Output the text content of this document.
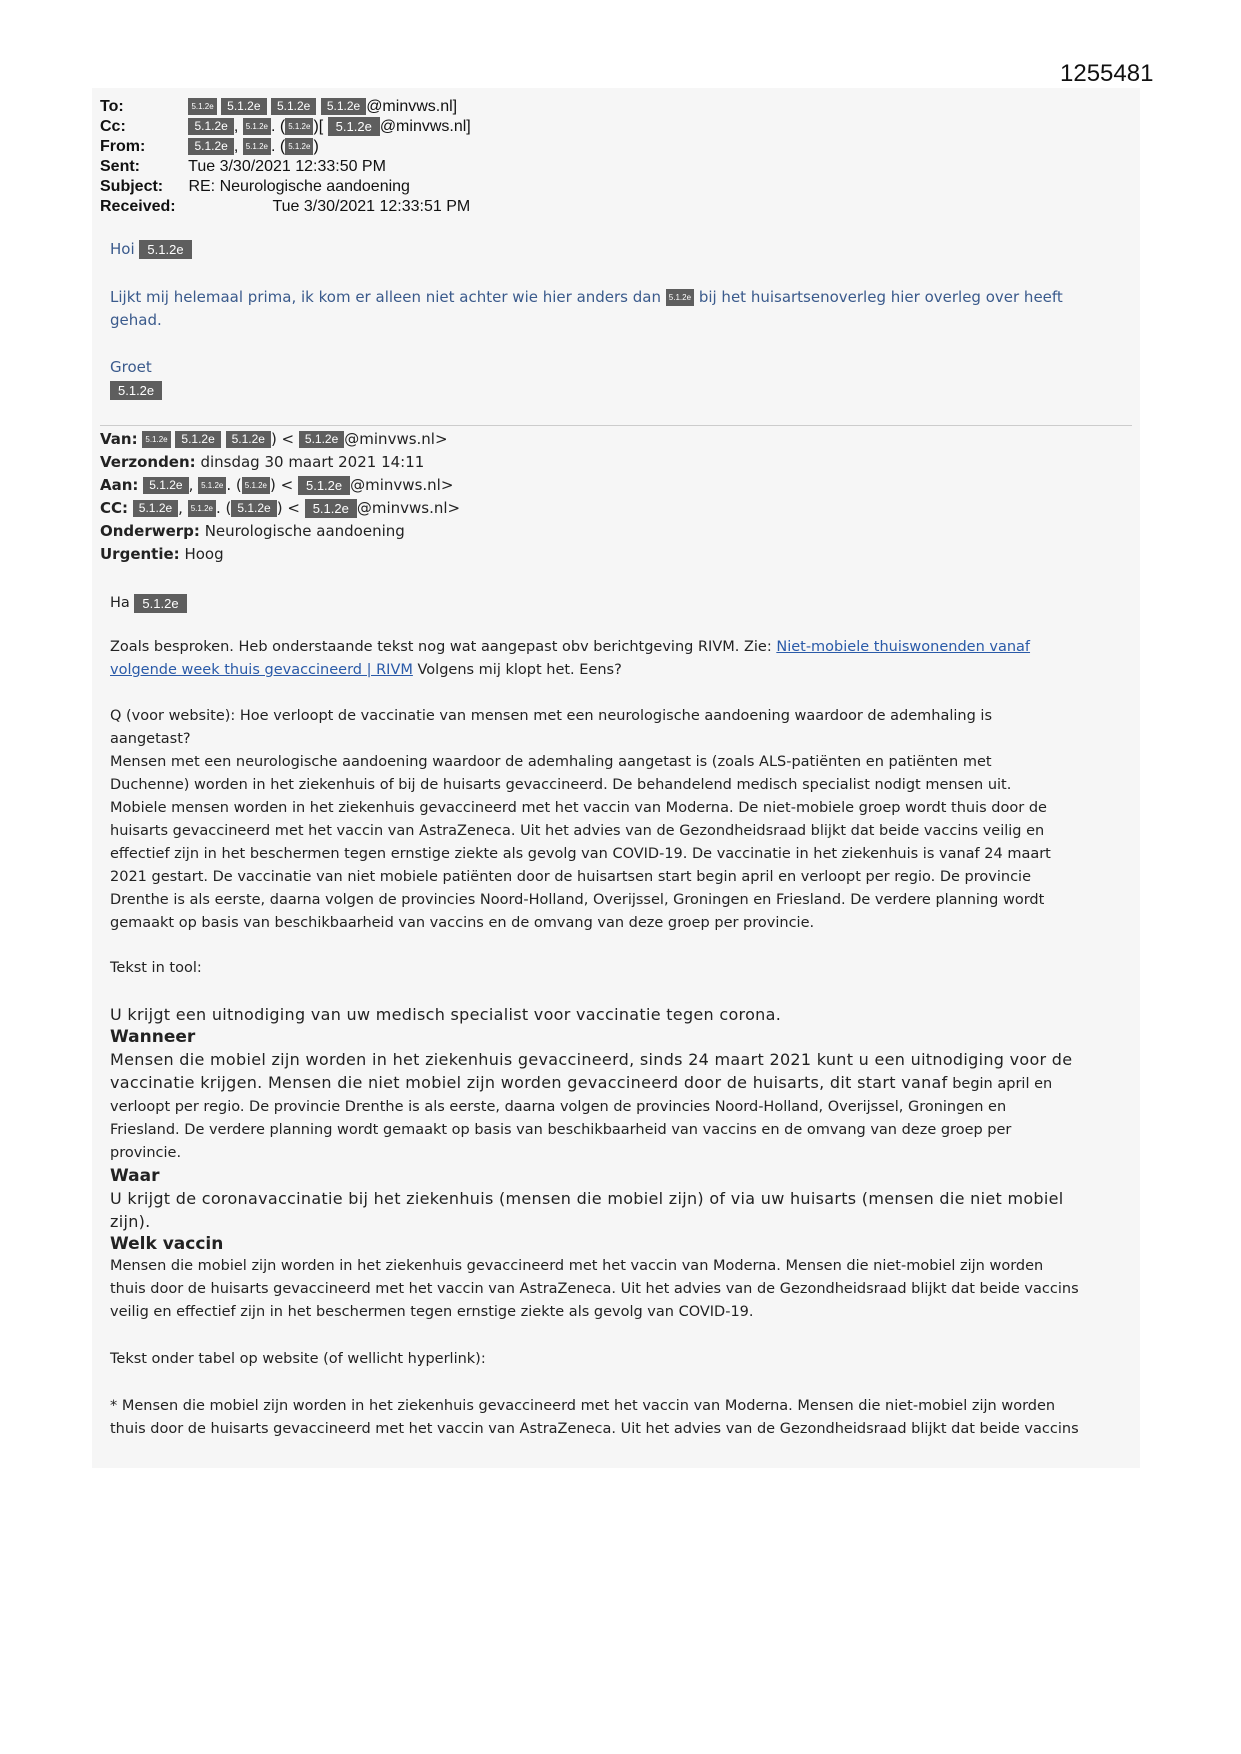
1255481
To:	5.1.2e 5.1.2e 5.1.2e 5.1.2e @minvws.nl]
Cc:	5.1.2e , 5.1.2e . ( 5.1.2e )[ 5.1.2e @minvws.nl]
From:	5.1.2e , 5.1.2e . ( 5.1.2e )
Sent:	Tue 3/30/2021 12:33:50 PM
Subject: RE: Neurologische aandoening
Received:	Tue 3/30/2021 12:33:51 PM
Hoi 5.1.2e
Lijkt mij helemaal prima, ik kom er alleen niet achter wie hier anders dan 5.1.2e bij het huisartsenoverleg hier overleg over heeft
gehad.
Groet
5.1.2e
Van: 5.1.2e 5.1.2e 5.1.2e ) < 5.1.2e @minvws.nl>
Verzonden: dinsdag 30 maart 2021 14:11
Aan: 5.1.2e , 5.1.2e . ( 5.1.2e ) < 5.1.2e @minvws.nl>
CC: 5.1.2e , 5.1.2e . ( 5.1.2e ) < 5.1.2e @minvws.nl>
Onderwerp: Neurologische aandoening
Urgentie: Hoog
Ha 5.1.2e
Zoals besproken. Heb onderstaande tekst nog wat aangepast obv berichtgeving RIVM. Zie: Niet-mobiele thuiswonenden vanaf
volgende week thuis gevaccineerd | RIVM Volgens mij klopt het. Eens?
Q (voor website): Hoe verloopt de vaccinatie van mensen met een neurologische aandoening waardoor de ademhaling is
aangetast?
Mensen met een neurologische aandoening waardoor de ademhaling aangetast is (zoals ALS-patiënten en patiënten met
Duchenne) worden in het ziekenhuis of bij de huisarts gevaccineerd. De behandelend medisch specialist nodigt mensen uit.
Mobiele mensen worden in het ziekenhuis gevaccineerd met het vaccin van Moderna. De niet-mobiele groep wordt thuis door de
huisarts gevaccineerd met het vaccin van AstraZeneca. Uit het advies van de Gezondheidsraad blijkt dat beide vaccins veilig en
effectief zijn in het beschermen tegen ernstige ziekte als gevolg van COVID-19. De vaccinatie in het ziekenhuis is vanaf 24 maart
2021 gestart. De vaccinatie van niet mobiele patiënten door de huisartsen start begin april en verloopt per regio. De provincie
Drenthe is als eerste, daarna volgen de provincies Noord-Holland, Overijssel, Groningen en Friesland. De verdere planning wordt
gemaakt op basis van beschikbaarheid van vaccins en de omvang van deze groep per provincie.
Tekst in tool:
U krijgt een uitnodiging van uw medisch specialist voor vaccinatie tegen corona.
Wanneer
Mensen die mobiel zijn worden in het ziekenhuis gevaccineerd, sinds 24 maart 2021 kunt u een uitnodiging voor de
vaccinatie krijgen. Mensen die niet mobiel zijn worden gevaccineerd door de huisarts, dit start vanaf begin april en
verloopt per regio. De provincie Drenthe is als eerste, daarna volgen de provincies Noord-Holland, Overijssel, Groningen en
Friesland. De verdere planning wordt gemaakt op basis van beschikbaarheid van vaccins en de omvang van deze groep per
provincie.
Waar
U krijgt de coronavaccinatie bij het ziekenhuis (mensen die mobiel zijn) of via uw huisarts (mensen die niet mobiel
zijn).
Welk vaccin
Mensen die mobiel zijn worden in het ziekenhuis gevaccineerd met het vaccin van Moderna. Mensen die niet-mobiel zijn worden
thuis door de huisarts gevaccineerd met het vaccin van AstraZeneca. Uit het advies van de Gezondheidsraad blijkt dat beide vaccins
veilig en effectief zijn in het beschermen tegen ernstige ziekte als gevolg van COVID-19.
Tekst onder tabel op website (of wellicht hyperlink):
* Mensen die mobiel zijn worden in het ziekenhuis gevaccineerd met het vaccin van Moderna. Mensen die niet-mobiel zijn worden
thuis door de huisarts gevaccineerd met het vaccin van AstraZeneca. Uit het advies van de Gezondheidsraad blijkt dat beide vaccins
